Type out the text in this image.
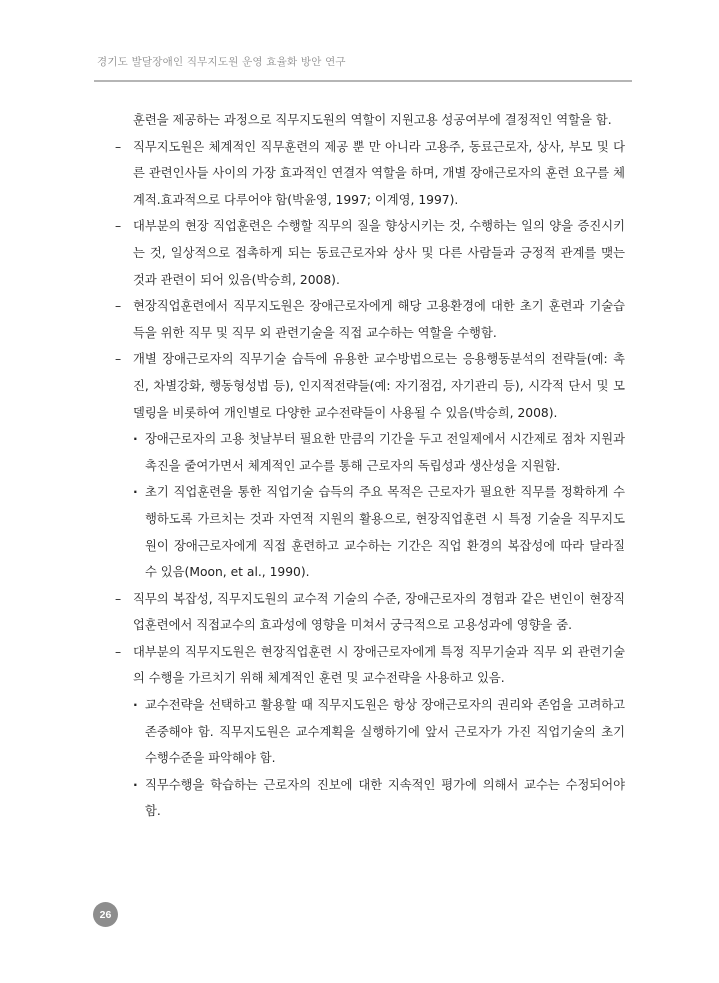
경기도 발달장애인 직무지도원 운영 효율화 방안 연구
훈련을 제공하는 과정으로 직무지도원의 역할이 지원고용 성공여부에 결정적인 역할을 함.
– 직무지도원은 체계적인 직무훈련의 제공 뿐 만 아니라 고용주, 동료근로자, 상사, 부모 및 다른 관련인사들 사이의 가장 효과적인 연결자 역할을 하며, 개별 장애근로자의 훈련 요구를 체계적.효과적으로 다루어야 함(박윤영, 1997; 이계영, 1997).
– 대부분의 현장 직업훈련은 수행할 직무의 질을 향상시키는 것, 수행하는 일의 양을 증진시키는 것, 일상적으로 접촉하게 되는 동료근로자와 상사 및 다른 사람들과 긍정적 관계를 맺는 것과 관련이 되어 있음(박승희, 2008).
– 현장직업훈련에서 직무지도원은 장애근로자에게 해당 고용환경에 대한 초기 훈련과 기술습득을 위한 직무 및 직무 외 관련기술을 직접 교수하는 역할을 수행함.
– 개별 장애근로자의 직무기술 습득에 유용한 교수방법으로는 응용행동분석의 전략들(예: 촉진, 차별강화, 행동형성법 등), 인지적전략들(예: 자기점검, 자기관리 등), 시각적 단서 및 모델링을 비롯하여 개인별로 다양한 교수전략들이 사용될 수 있음(박승희, 2008).
· 장애근로자의 고용 첫날부터 필요한 만큼의 기간을 두고 전일제에서 시간제로 점차 지원과 촉진을 줄여가면서 체계적인 교수를 통해 근로자의 독립성과 생산성을 지원함.
· 초기 직업훈련을 통한 직업기술 습득의 주요 목적은 근로자가 필요한 직무를 정확하게 수행하도록 가르치는 것과 자연적 지원의 활용으로, 현장직업훈련 시 특정 기술을 직무지도원이 장애근로자에게 직접 훈련하고 교수하는 기간은 직업 환경의 복잡성에 따라 달라질 수 있음(Moon, et al., 1990).
– 직무의 복잡성, 직무지도원의 교수적 기술의 수준, 장애근로자의 경험과 같은 변인이 현장직업훈련에서 직접교수의 효과성에 영향을 미쳐서 궁극적으로 고용성과에 영향을 줌.
– 대부분의 직무지도원은 현장직업훈련 시 장애근로자에게 특정 직무기술과 직무 외 관련기술의 수행을 가르치기 위해 체계적인 훈련 및 교수전략을 사용하고 있음.
· 교수전략을 선택하고 활용할 때 직무지도원은 항상 장애근로자의 권리와 존엄을 고려하고 존중해야 함. 직무지도원은 교수계획을 실행하기에 앞서 근로자가 가진 직업기술의 초기 수행수준을 파악해야 함.
· 직무수행을 학습하는 근로자의 진보에 대한 지속적인 평가에 의해서 교수는 수정되어야 함.
26
